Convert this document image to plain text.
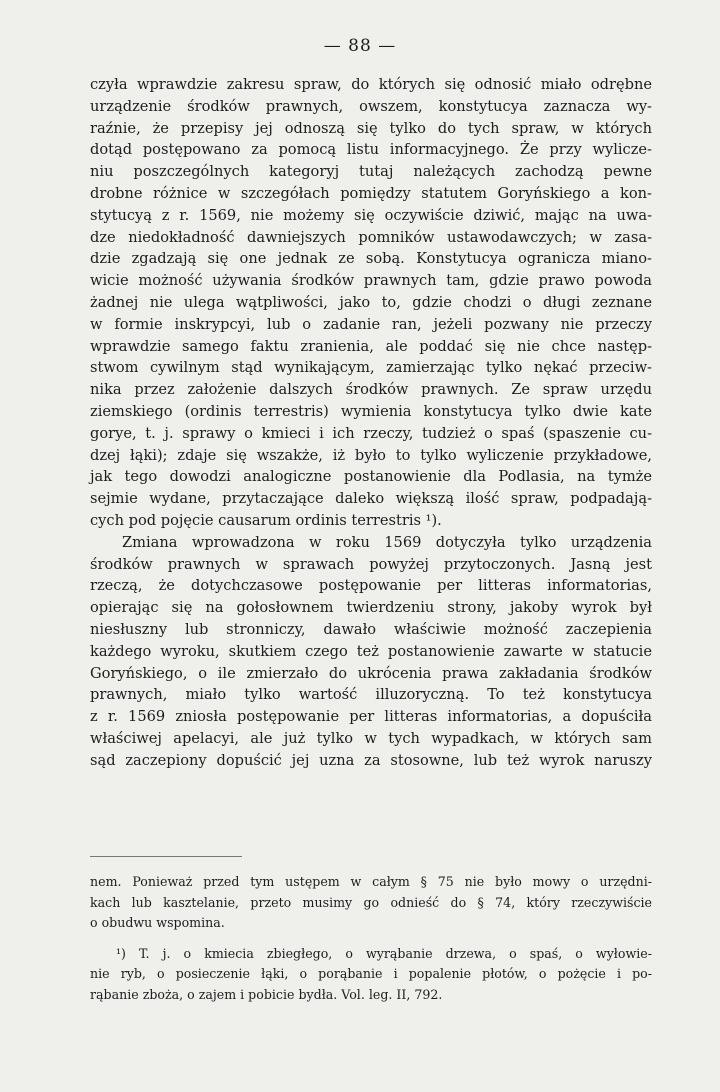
— 88 —
czyła wprawdzie zakresu spraw, do których się odnosić miało odrębne
urządzenie środków prawnych, owszem, konstytucya zaznacza wy-
raźnie, że przepisy jej odnoszą się tylko do tych spraw, w których
dotąd postępowano za pomocą listu informacyjnego. Że przy wylicze-
niu poszczególnych kategoryj tutaj należących zachodzą pewne
drobne różnice w szczegółach pomiędzy statutem Goryńskiego a kon-
stytucyą z r. 1569, nie możemy się oczywiście dziwić, mając na uwa-
dze niedokładność dawniejszych pomników ustawodawczych; w zasa-
dzie zgadzają się one jednak ze sobą. Konstytucya ogranicza miano-
wicie możność używania środków prawnych tam, gdzie prawo powoda
żadnej nie ulega wątpliwości, jako to, gdzie chodzi o długi zeznane
w formie inskrypcyi, lub o zadanie ran, jeżeli pozwany nie przeczy
wprawdzie samego faktu zranienia, ale poddać się nie chce następ-
stwom cywilnym stąd wynikającym, zamierzając tylko nękać przeciw-
nika przez założenie dalszych środków prawnych. Ze spraw urzędu
ziemskiego (ordinis terrestris) wymienia konstytucya tylko dwie kate
gorye, t. j. sprawy o kmieci i ich rzeczy, tudzież o spaś (spaszenie cu-
dzej łąki); zdaje się wszakże, iż było to tylko wyliczenie przykładowe,
jak tego dowodzi analogiczne postanowienie dla Podlasia, na tymże
sejmie wydane, przytaczające daleko większą ilość spraw, podpadają-
cych pod pojęcie causarum ordinis terrestris ¹).
Zmiana wprowadzona w roku 1569 dotyczyła tylko urządzenia
środków prawnych w sprawach powyżej przytoczonych. Jasną jest
rzeczą, że dotychczasowe postępowanie per litteras informatorias,
opierając się na gołosłownem twierdzeniu strony, jakoby wyrok był
niesłuszny lub stronniczy, dawało właściwie możność zaczepienia
każdego wyroku, skutkiem czego też postanowienie zawarte w statucie
Goryńskiego, o ile zmierzało do ukrócenia prawa zakładania środków
prawnych, miało tylko wartość illuzoryczną. To też konstytucya
z r. 1569 zniosła postępowanie per litteras informatorias, a dopuściła
właściwej apelacyi, ale już tylko w tych wypadkach, w których sam
sąd zaczepiony dopuścić jej uzna za stosowne, lub też wyrok naruszy
nem. Ponieważ przed tym ustępem w całym § 75 nie było mowy o urzędni-
kach lub kasztelanie, przeto musimy go odnieść do § 74, który rzeczywiście
o obudwu wspomina.
¹) T. j. o kmiecia zbiegłego, o wyrąbanie drzewa, o spaś, o wyłowie-
nie ryb, o posieczenie łąki, o porąbanie i popalenie płotów, o pożęcie i po-
rąbanie zboża, o zajem i pobicie bydła. Vol. leg. II, 792.
